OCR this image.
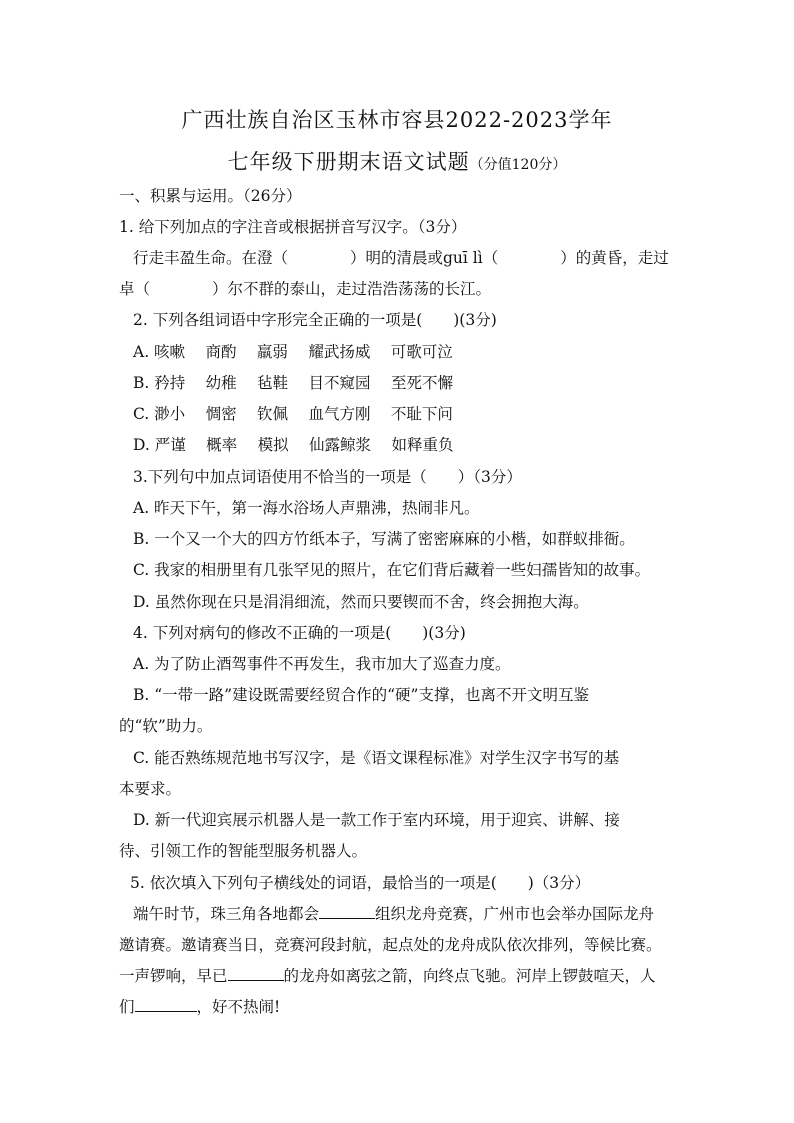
广西壮族自治区玉林市容县2022-2023学年
七年级下册期末语文试题（分值120分）
一、积累与运用。（26分）
1. 给下列加点的字注音或根据拼音写汉字。（3分）
行走丰盈生命。在澄（　　　　）明的清晨或guī lì（　　　　）的黄昏，走过
卓（　　　　）尔不群的泰山，走过浩浩荡荡的长江。
2. 下列各组词语中字形完全正确的一项是(　　)(3分)
A. 咳嗽　 商酌　 羸弱　 耀武扬威　 可歌可泣
B. 矜持　 幼稚　 毡鞋　 目不窥园　 至死不懈
C. 渺小　 惆密　 钦佩　 血气方刚　 不耻下问
D. 严谨　 概率　 模拟　 仙露鲸浆　 如释重负
3.下列句中加点词语使用不恰当的一项是（　　）（3分）
A. 昨天下午，第一海水浴场人声鼎沸，热闹非凡。
B. 一个又一个大的四方竹纸本子，写满了密密麻麻的小楷，如群蚁排衙。
C. 我家的相册里有几张罕见的照片，在它们背后藏着一些妇孺皆知的故事。
D. 虽然你现在只是涓涓细流，然而只要锲而不舍，终会拥抱大海。
4. 下列对病句的修改不正确的一项是(　　)(3分)
A. 为了防止酒驾事件不再发生，我市加大了巡查力度。
B. “一带一路”建设既需要经贸合作的“硬”支撑，也离不开文明互鉴
的“软”助力。
C. 能否熟练规范地书写汉字，是《语文课程标准》对学生汉字书写的基
本要求。
D. 新一代迎宾展示机器人是一款工作于室内环境，用于迎宾、讲解、接
待、引领工作的智能型服务机器人。
5. 依次填入下列句子横线处的词语，最恰当的一项是(　　)（3分）
端午时节，珠三角各地都会	组织龙舟竞赛，广州市也会举办国际龙舟
邀请赛。邀请赛当日，竞赛河段封航，起点处的龙舟成队依次排列，等候比赛。
一声锣响，早已	的龙舟如离弦之箭，向终点飞驰。河岸上锣鼓喧天，人
们	，好不热闹!
